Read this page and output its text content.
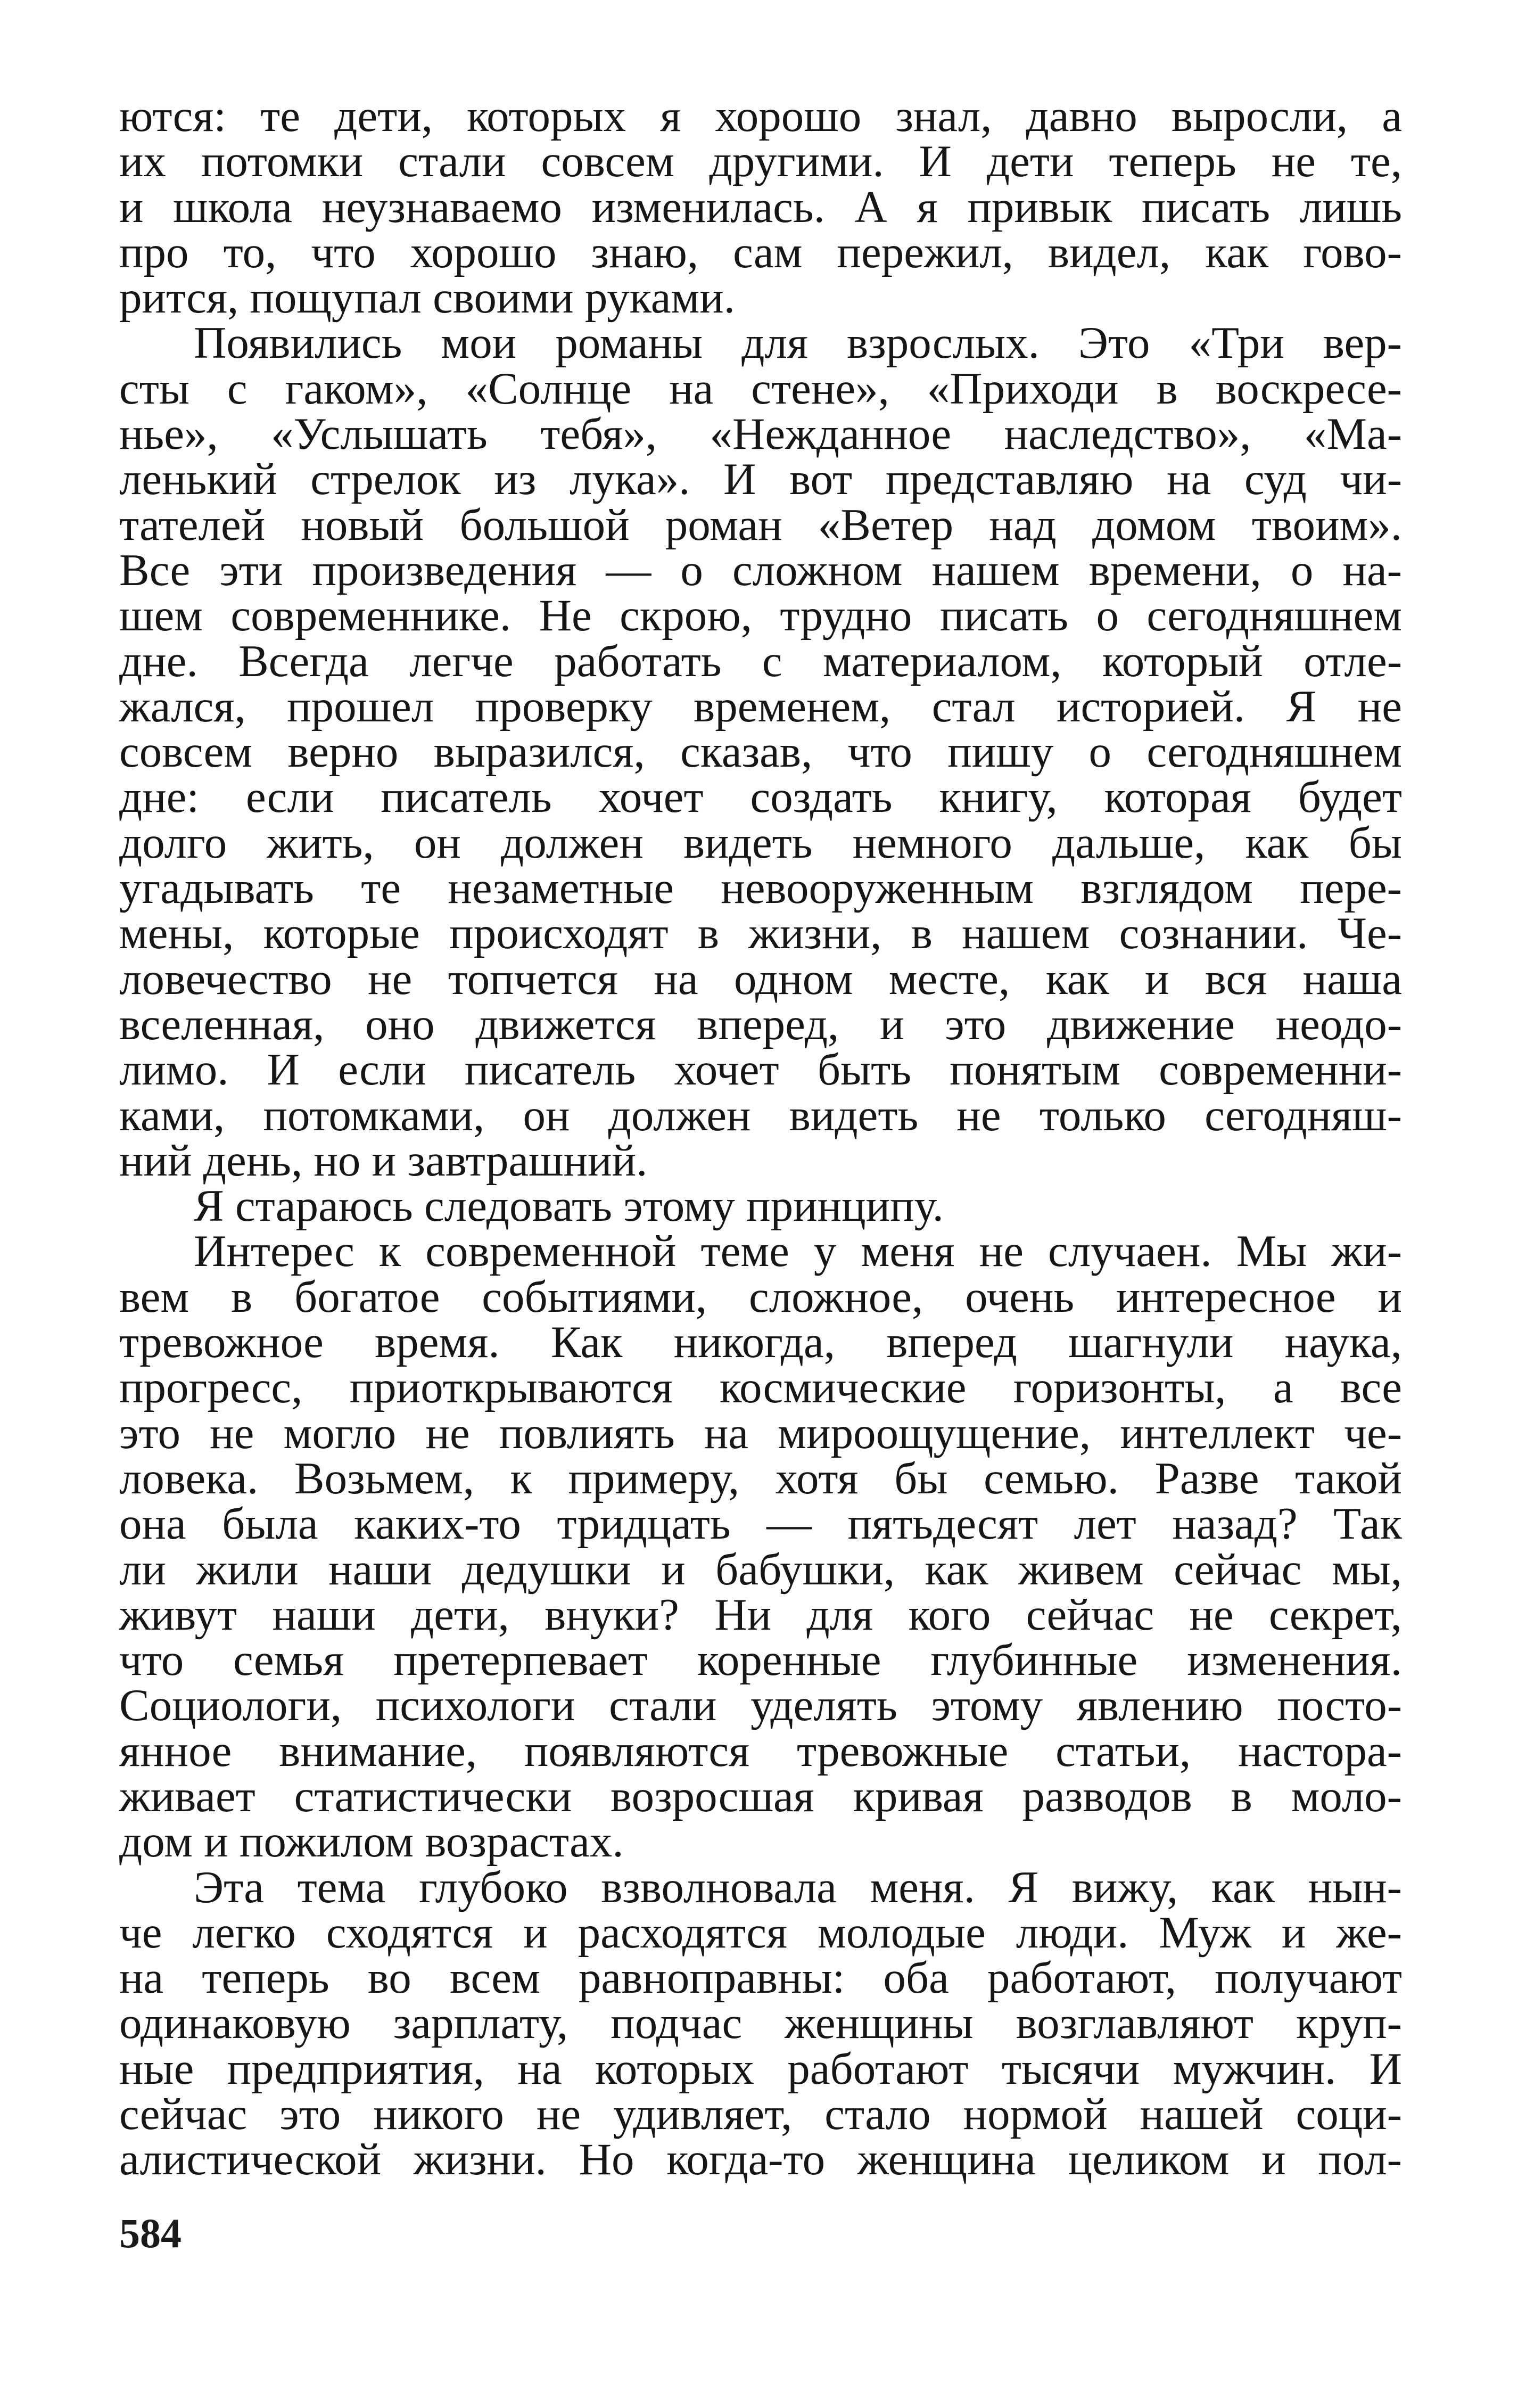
ются: те дети, которых я хорошо знал, давно выросли, а
их потомки стали совсем другими. И дети теперь не те,
и школа неузнаваемо изменилась. А я привык писать лишь
про то, что хорошо знаю, сам пережил, видел, как гово-
рится, пощупал своими руками.
Появились мои романы для взрослых. Это «Три вер-
сты с гаком», «Солнце на стене», «Приходи в воскресе-
нье», «Услышать тебя», «Нежданное наследство», «Ма-
ленький стрелок из лука». И вот представляю на суд чи-
тателей новый большой роман «Ветер над домом твоим».
Все эти произведения — о сложном нашем времени, о на-
шем современнике. Не скрою, трудно писать о сегодняшнем
дне. Всегда легче работать с материалом, который отле-
жался, прошел проверку временем, стал историей. Я не
совсем верно выразился, сказав, что пишу о сегодняшнем
дне: если писатель хочет создать книгу, которая будет
долго жить, он должен видеть немного дальше, как бы
угадывать те незаметные невооруженным взглядом пере-
мены, которые происходят в жизни, в нашем сознании. Че-
ловечество не топчется на одном месте, как и вся наша
вселенная, оно движется вперед, и это движение неодо-
лимо. И если писатель хочет быть понятым современни-
ками, потомками, он должен видеть не только сегодняш-
ний день, но и завтрашний.
Я стараюсь следовать этому принципу.
Интерес к современной теме у меня не случаен. Мы жи-
вем в богатое событиями, сложное, очень интересное и
тревожное время. Как никогда, вперед шагнули наука,
прогресс, приоткрываются космические горизонты, а все
это не могло не повлиять на мироощущение, интеллект че-
ловека. Возьмем, к примеру, хотя бы семью. Разве такой
она была каких-то тридцать — пятьдесят лет назад? Так
ли жили наши дедушки и бабушки, как живем сейчас мы,
живут наши дети, внуки? Ни для кого сейчас не секрет,
что семья претерпевает коренные глубинные изменения.
Социологи, психологи стали уделять этому явлению посто-
янное внимание, появляются тревожные статьи, настора-
живает статистически возросшая кривая разводов в моло-
дом и пожилом возрастах.
Эта тема глубоко взволновала меня. Я вижу, как нын-
че легко сходятся и расходятся молодые люди. Муж и же-
на теперь во всем равноправны: оба работают, получают
одинаковую зарплату, подчас женщины возглавляют круп-
ные предприятия, на которых работают тысячи мужчин. И
сейчас это никого не удивляет, стало нормой нашей соци-
алистической жизни. Но когда-то женщина целиком и пол-
584
